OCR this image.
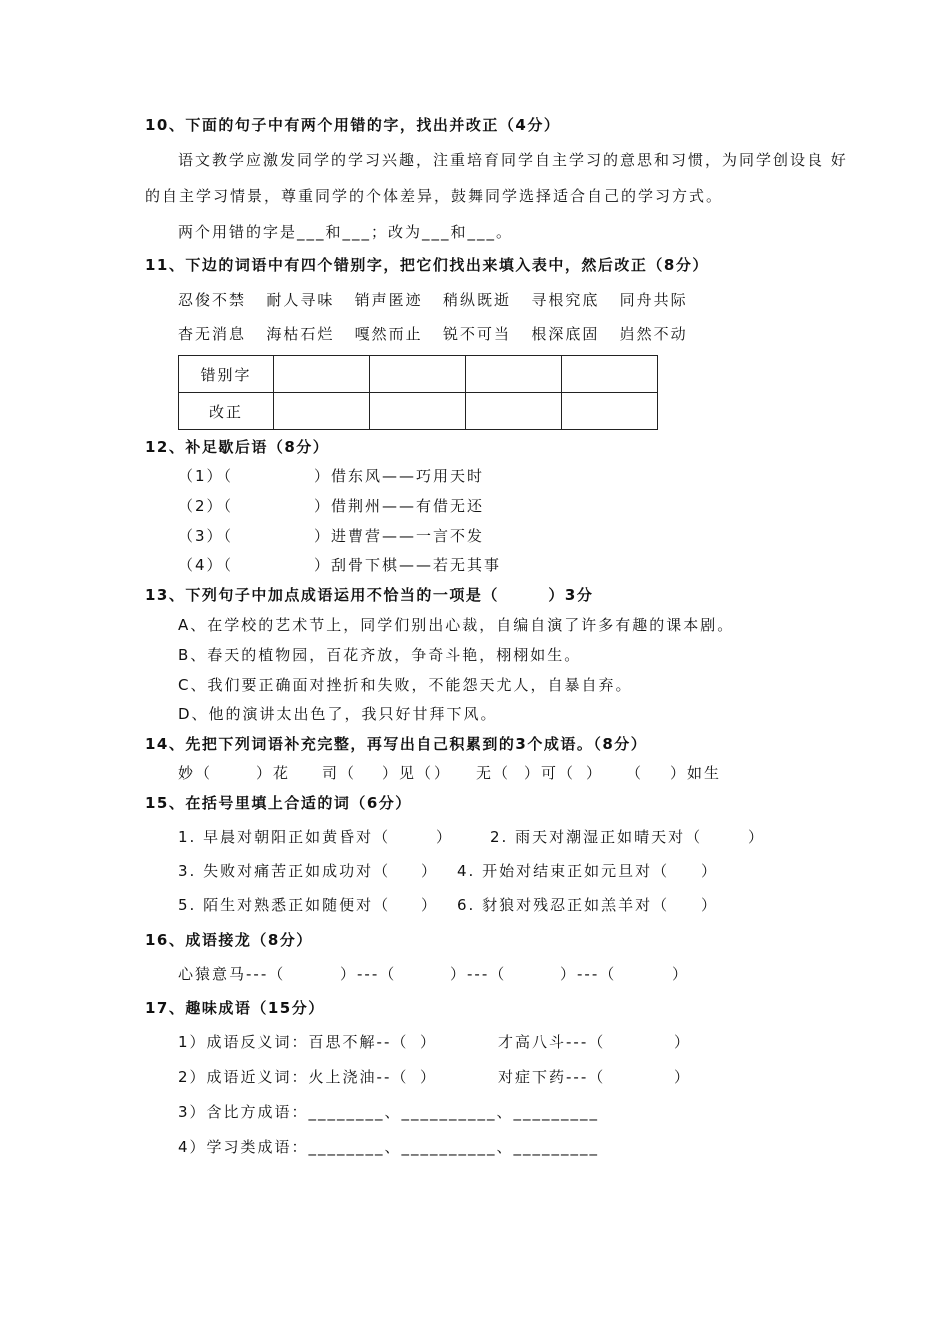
10、下面的句子中有两个用错的字，找出并改正（4分）
语文教学应激发同学的学习兴趣，注重培育同学自主学习的意思和习惯，为同学创设良 好
的自主学习情景，尊重同学的个体差异，鼓舞同学选择适合自己的学习方式。
两个用错的字是___和___；改为___和___。
11、下边的词语中有四个错别字，把它们找出来填入表中，然后改正（8分）
忍俊不禁 耐人寻味 销声匿迹 稍纵既逝 寻根究底 同舟共际
杳无消息 海枯石烂 嘎然而止 锐不可当 根深底固 岿然不动
错别字				
改正				
12、补足歇后语（8分）
（1）（	）借东风——巧用天时
（2）（	）借荆州——有借无还
（3）（	）进曹营——一言不发
（4）（	）刮骨下棋——若无其事
13、下列句子中加点成语运用不恰当的一项是（　　　）3分
A、在学校的艺术节上，同学们别出心裁，自编自演了许多有趣的课本剧。
B、春天的植物园，百花齐放，争奇斗艳，栩栩如生。
C、我们要正确面对挫折和失败，不能怨天尤人，自暴自弃。
D、他的演讲太出色了，我只好甘拜下风。
14、先把下列词语补充完整，再写出自己积累到的3个成语。（8分）
妙（	）花 司（ ）见（） 无（ ）可（ ） （ ）如生
15、在括号里填上合适的词（6分）
1. 早晨对朝阳正如黄昏对（	） 2. 雨天对潮湿正如晴天对（	）
3. 失败对痛苦正如成功对（ ） 4. 开始对结束正如元旦对（ ）
5. 陌生对熟悉正如随便对（ ） 6. 豺狼对残忍正如羔羊对（ ）
16、成语接龙（8分）
心猿意马---（	）---（	）---（	）---（	）
17、趣味成语（15分）
1）成语反义词：百思不解--（ ）	才高八斗---（	）
2）成语近义词：火上浇油--（ ）	对症下药---（	）
3）含比方成语：________、__________、_________
4）学习类成语：________、__________、_________
